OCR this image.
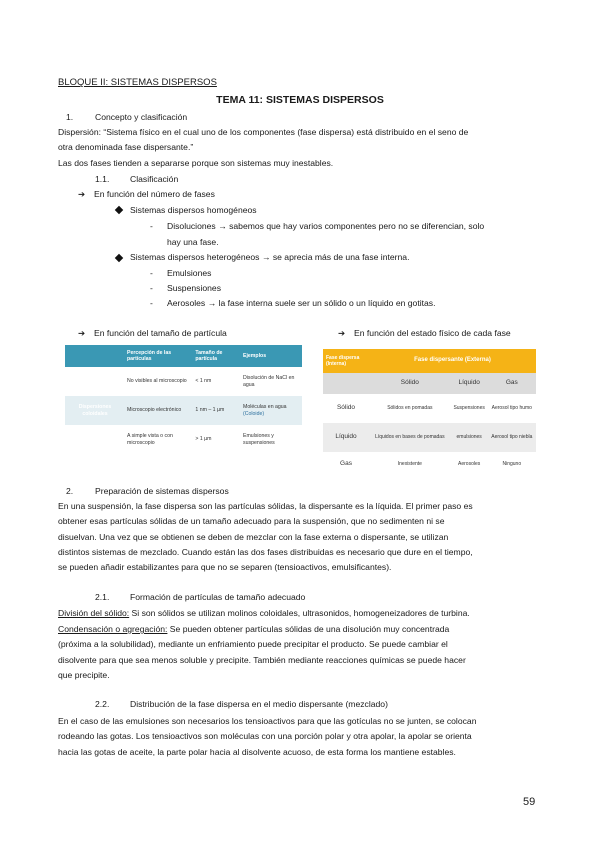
BLOQUE II: SISTEMAS DISPERSOS
TEMA 11: SISTEMAS DISPERSOS
1.	Concepto y clasificación
Dispersión: “Sistema físico en el cual uno de los componentes (fase dispersa) está distribuido en el seno de
otra denominada fase dispersante.”
Las dos fases tienden a separarse porque son sistemas muy inestables.
1.1. Clasificación
➔ En función del número de fases
Sistemas dispersos homogéneos
- Disoluciones → sabemos que hay varios componentes pero no se diferencian, solo
hay una fase.
Sistemas dispersos heterogéneos → se aprecia más de una fase interna.
- Emulsiones
- Suspensiones
- Aerosoles → la fase interna suele ser un sólido o un líquido en gotitas.
➔ En función del tamaño de partícula	➔ En función del estado físico de cada fase
	Percepción de las partículas	Tamaño de partícula	Ejemplos
Sist. homogéneos	No visibles al microscopio	< 1 nm	Disolución de NaCl en agua
Dispersiones coloidales	Microscopio electrónico	1 nm – 1 µm	Moléculas en agua
(Coloide)
Sist. heterogéneos	A simple vista o con microscopio	> 1 µm	Emulsiones y suspensiones
Fase dispersa (Interna)	Fase dispersante (Externa)		
	Sólido	Líquido	Gas
Sólido	Sólidos en pomadas	Suspensiones	Aerosol tipo humo
Líquido	Líquidos en bases de pomadas	emulsiones	Aerosol tipo niebla
Gas	Inexistente	Aerosoles	Ninguno
2.	Preparación de sistemas dispersos
En una suspensión, la fase dispersa son las partículas sólidas, la dispersante es la líquida. El primer paso es
obtener esas partículas sólidas de un tamaño adecuado para la suspensión, que no sedimenten ni se
disuelvan. Una vez que se obtienen se deben de mezclar con la fase externa o dispersante, se utilizan
distintos sistemas de mezclado. Cuando están las dos fases distribuidas es necesario que dure en el tiempo,
se pueden añadir estabilizantes para que no se separen (tensioactivos, emulsificantes).
2.1. Formación de partículas de tamaño adecuado
División del sólido: Si son sólidos se utilizan molinos coloidales, ultrasonidos, homogeneizadores de turbina.
Condensación o agregación: Se pueden obtener partículas sólidas de una disolución muy concentrada
(próxima a la solubilidad), mediante un enfriamiento puede precipitar el producto. Se puede cambiar el
disolvente para que sea menos soluble y precipite. También mediante reacciones químicas se puede hacer
que precipite.
2.2. Distribución de la fase dispersa en el medio dispersante (mezclado)
En el caso de las emulsiones son necesarios los tensioactivos para que las gotículas no se junten, se colocan
rodeando las gotas. Los tensioactivos son moléculas con una porción polar y otra apolar, la apolar se orienta
hacia las gotas de aceite, la parte polar hacia al disolvente acuoso, de esta forma los mantiene estables.
59
